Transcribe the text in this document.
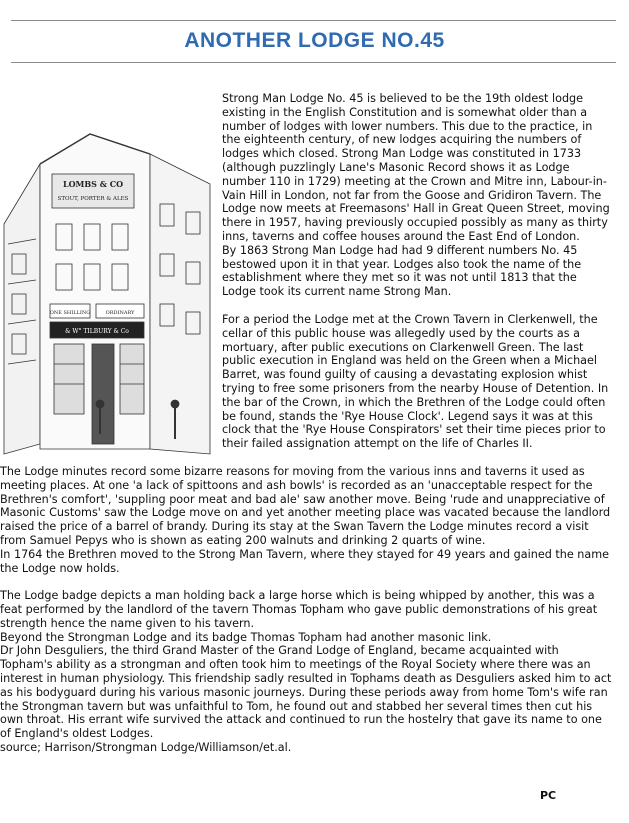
ANOTHER LODGE NO.45
LOMBS & CO
STOUT, PORTER & ALES
ONE SHILLING	ORDINARY
& W° TILBURY & Co

Strong Man Lodge No. 45 is believed to be the 19th oldest lodge existing in the English Constitution and is somewhat older than a number of lodges with lower numbers. This due to the practice, in the eighteenth century, of new lodges acquiring the numbers of lodges which closed. Strong Man Lodge was constituted in 1733 (although puzzlingly Lane's Masonic Record shows it as Lodge number 110 in 1729) meeting at the Crown and Mitre inn, Labour-in-Vain Hill in London, not far from the Goose and Gridiron Tavern. The Lodge now meets at Freemasons' Hall in Great Queen Street, moving there in 1957, having previously occupied possibly as many as thirty inns, taverns and coffee houses around the East End of London.

By 1863 Strong Man Lodge had had 9 different numbers No. 45 bestowed upon it in that year. Lodges also took the name of the establishment where they met so it was not until 1813 that the Lodge took its current name Strong Man.

For a period the Lodge met at the Crown Tavern in Clerkenwell, the cellar of this public house was allegedly used by the courts as a mortuary, after public executions on Clarkenwell Green. The last public execution in England was held on the Green when a Michael Barret, was found guilty of causing a devastating explosion whist trying to free some prisoners from the nearby House of Detention. In the bar of the Crown, in which the Brethren of the Lodge could often be found, stands the 'Rye House Clock'. Legend says it was at this clock that the 'Rye House Conspirators' set their time pieces prior to their failed assignation attempt on the life of Charles II.

The Lodge minutes record some bizarre reasons for moving from the various inns and taverns it used as meeting places. At one 'a lack of spittoons and ash bowls' is recorded as an 'unacceptable respect for the Brethren's comfort', 'suppling poor meat and bad ale' saw another move. Being 'rude and unappreciative of Masonic Customs' saw the Lodge move on and yet another meeting place was vacated because the landlord raised the price of a barrel of brandy. During its stay at the Swan Tavern the Lodge minutes record a visit from Samuel Pepys who is shown as eating 200 walnuts and drinking 2 quarts of wine.

In 1764 the Brethren moved to the Strong Man Tavern, where they stayed for 49 years and gained the name the Lodge now holds.

The Lodge badge depicts a man holding back a large horse which is being whipped by another, this was a feat performed by the landlord of the tavern Thomas Topham who gave public demonstrations of his great strength hence the name given to his tavern.

Beyond the Strongman Lodge and its badge Thomas Topham had another masonic link.

Dr John Desguliers, the third Grand Master of the Grand Lodge of England, became acquainted with Topham's ability as a strongman and often took him to meetings of the Royal Society where there was an interest in human physiology. This friendship sadly resulted in Tophams death as Desguliers asked him to act as his bodyguard during his various masonic journeys. During these periods away from home Tom's wife ran the Strongman tavern but was unfaithful to Tom, he found out and stabbed her several times then cut his own throat. His errant wife survived the attack and continued to run the hostelry that gave its name to one of England's oldest Lodges.

source; Harrison/Strongman Lodge/Williamson/et.al.

PC
